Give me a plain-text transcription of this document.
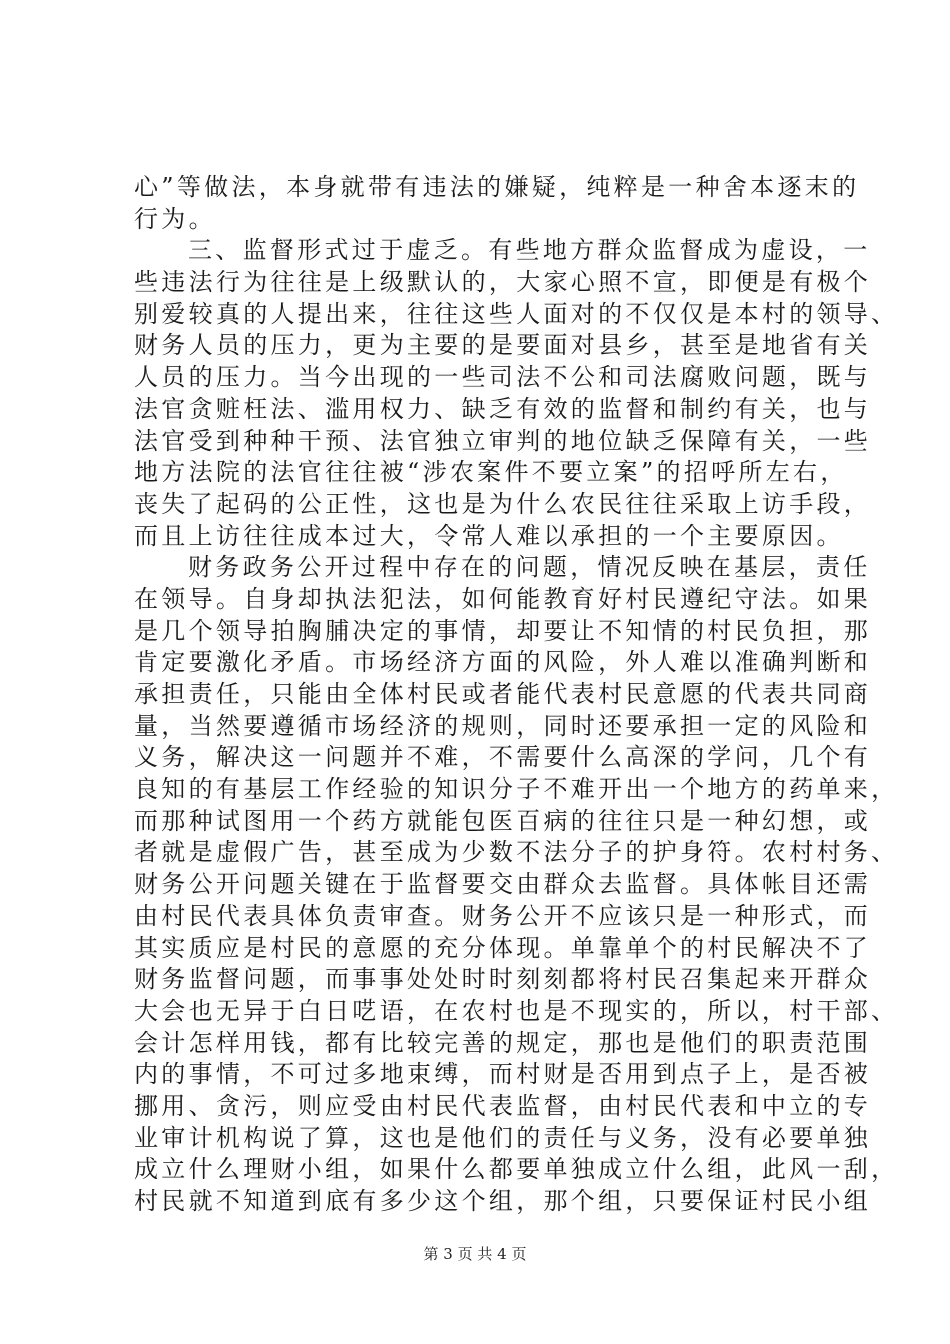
心”等做法，本身就带有违法的嫌疑，纯粹是一种舍本逐末的
行为。
三、监督形式过于虚乏。有些地方群众监督成为虚设，一
些违法行为往往是上级默认的，大家心照不宣，即便是有极个
别爱较真的人提出来，往往这些人面对的不仅仅是本村的领导、
财务人员的压力，更为主要的是要面对县乡，甚至是地省有关
人员的压力。当今出现的一些司法不公和司法腐败问题，既与
法官贪赃枉法、滥用权力、缺乏有效的监督和制约有关，也与
法官受到种种干预、法官独立审判的地位缺乏保障有关，一些
地方法院的法官往往被“涉农案件不要立案”的招呼所左右，
丧失了起码的公正性，这也是为什么农民往往采取上访手段，
而且上访往往成本过大，令常人难以承担的一个主要原因。
财务政务公开过程中存在的问题，情况反映在基层，责任
在领导。自身却执法犯法，如何能教育好村民遵纪守法。如果
是几个领导拍胸脯决定的事情，却要让不知情的村民负担，那
肯定要激化矛盾。市场经济方面的风险，外人难以准确判断和
承担责任，只能由全体村民或者能代表村民意愿的代表共同商
量，当然要遵循市场经济的规则，同时还要承担一定的风险和
义务，解决这一问题并不难，不需要什么高深的学问，几个有
良知的有基层工作经验的知识分子不难开出一个地方的药单来，
而那种试图用一个药方就能包医百病的往往只是一种幻想，或
者就是虚假广告，甚至成为少数不法分子的护身符。农村村务、
财务公开问题关键在于监督要交由群众去监督。具体帐目还需
由村民代表具体负责审查。财务公开不应该只是一种形式，而
其实质应是村民的意愿的充分体现。单靠单个的村民解决不了
财务监督问题，而事事处处时时刻刻都将村民召集起来开群众
大会也无异于白日呓语，在农村也是不现实的，所以，村干部、
会计怎样用钱，都有比较完善的规定，那也是他们的职责范围
内的事情，不可过多地束缚，而村财是否用到点子上，是否被
挪用、贪污，则应受由村民代表监督，由村民代表和中立的专
业审计机构说了算，这也是他们的责任与义务，没有必要单独
成立什么理财小组，如果什么都要单独成立什么组，此风一刮，
村民就不知道到底有多少这个组，那个组，只要保证村民小组
第 3 页 共 4 页
